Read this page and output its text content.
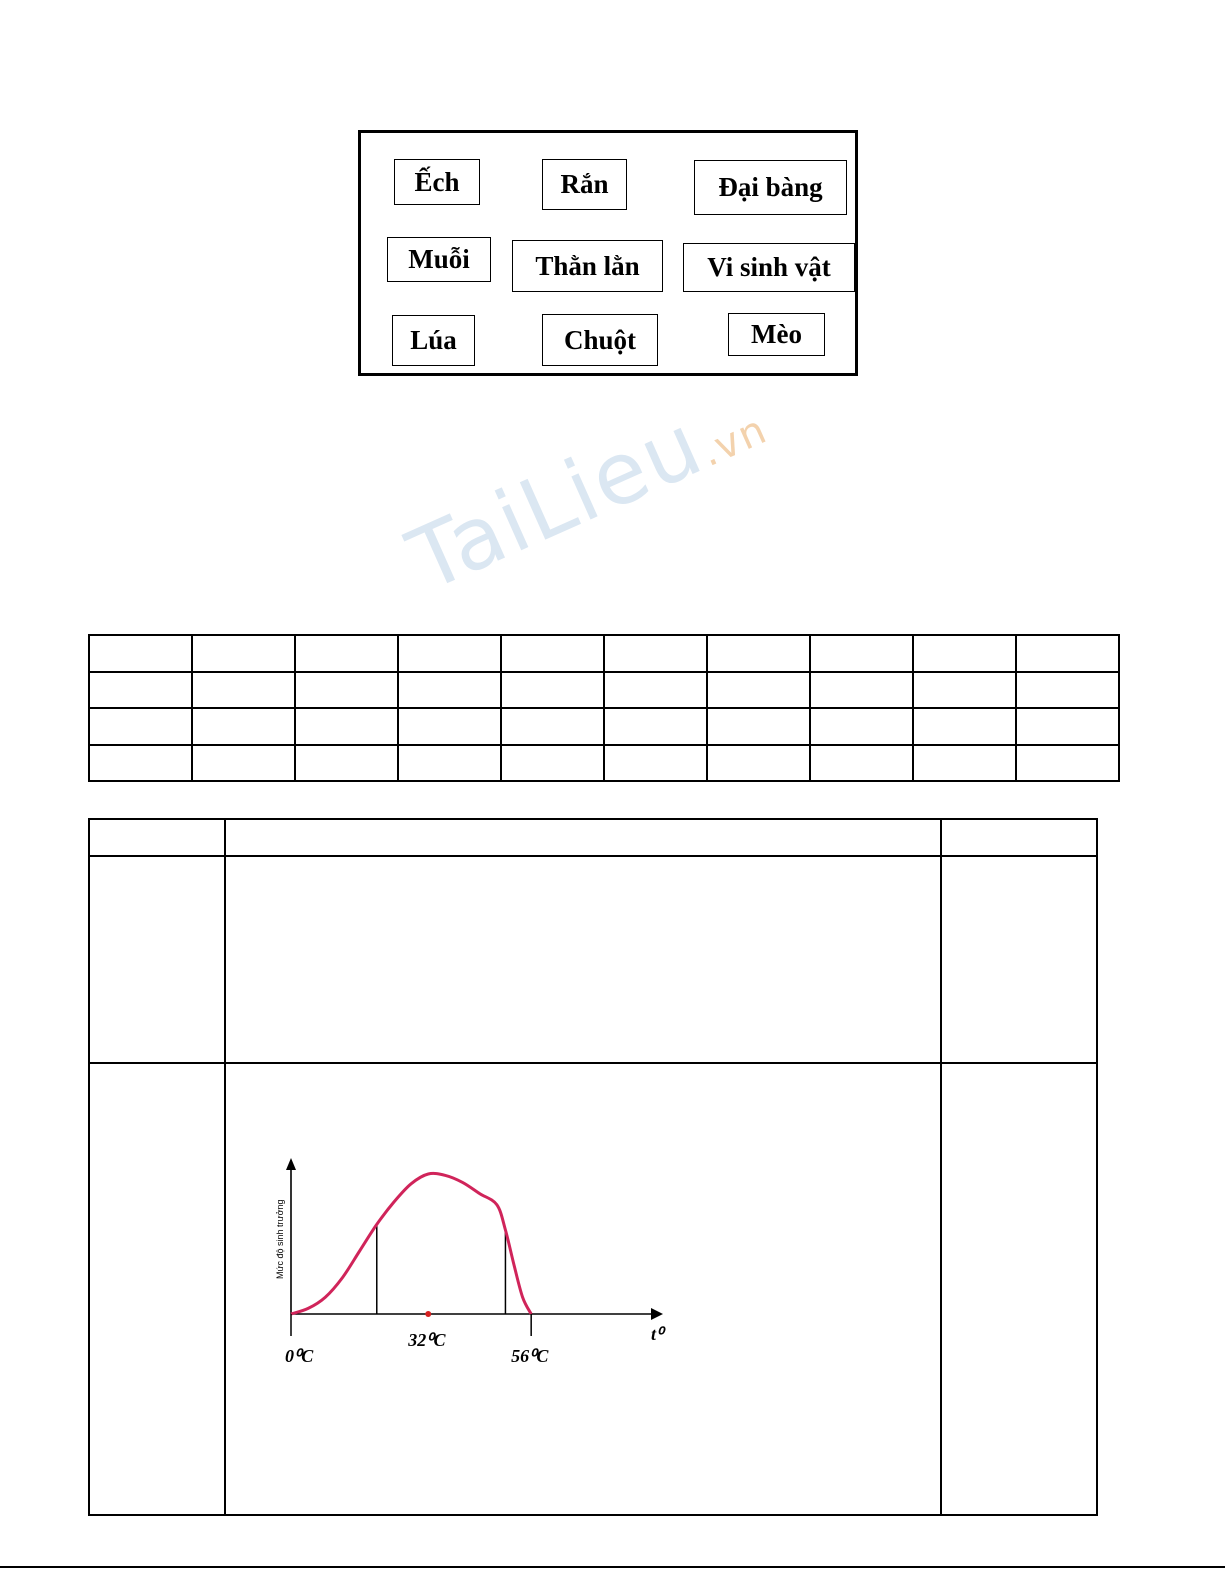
Ếch	Rắn	Đại bàng
Muỗi	Thằn lằn	Vi sinh vật
Lúa	Chuột	Mèo
TaiLieu.vn

Mức độ sinh trưởng
t⁰
0⁰C
32⁰C
56⁰C	
